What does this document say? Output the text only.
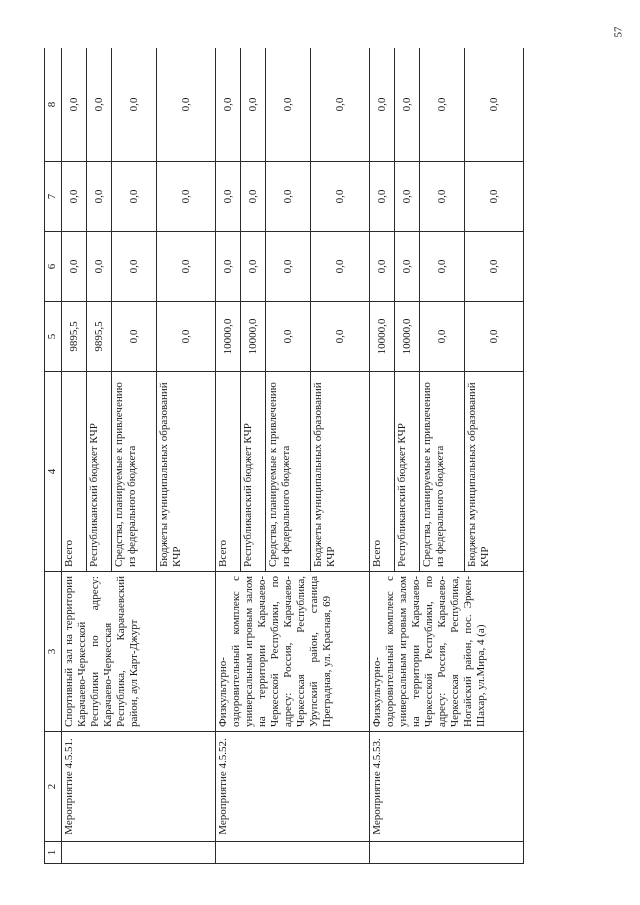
57
1	2	3	4	5	6	7	8
	Мероприятие 4.5.51.	Спортивный зал на территории Карачаево-Черкесской Республики по адресу: Карачаево-Черкесская Республика, Карачаевский район, аул Карт-Джурт	Всего	9895,5	0,0	0,0	0,0
			Республиканский бюджет КЧР	9895,5	0,0	0,0	0,0
			Средства, планируемые к привлечению из федерального бюджета	0,0	0,0	0,0	0,0
			Бюджеты муниципальных образований КЧР	0,0	0,0	0,0	0,0
	Мероприятие 4.5.52.	Физкультурно-оздоровительный комплекс с универсальным игровым залом на территории Карачаево-Черкесской Республики, по адресу: Россия, Карачаево-Черкесская Республика, Урупский район, станица Преградная, ул. Красная, 69	Всего	10000,0	0,0	0,0	0,0
			Республиканский бюджет КЧР	10000,0	0,0	0,0	0,0
			Средства, планируемые к привлечению из федерального бюджета	0,0	0,0	0,0	0,0
			Бюджеты муниципальных образований КЧР	0,0	0,0	0,0	0,0
	Мероприятие 4.5.53.	Физкультурно-оздоровительный комплекс с универсальным игровым залом на территории Карачаево-Черкесской Республики, по адресу: Россия, Карачаево-Черкесская Республика, Ногайский район, пос. Эркен-Шахар, ул.Мира, 4 (а)	Всего	10000,0	0,0	0,0	0,0
			Республиканский бюджет КЧР	10000,0	0,0	0,0	0,0
			Средства, планируемые к привлечению из федерального бюджета	0,0	0,0	0,0	0,0
			Бюджеты муниципальных образований КЧР	0,0	0,0	0,0	0,0
